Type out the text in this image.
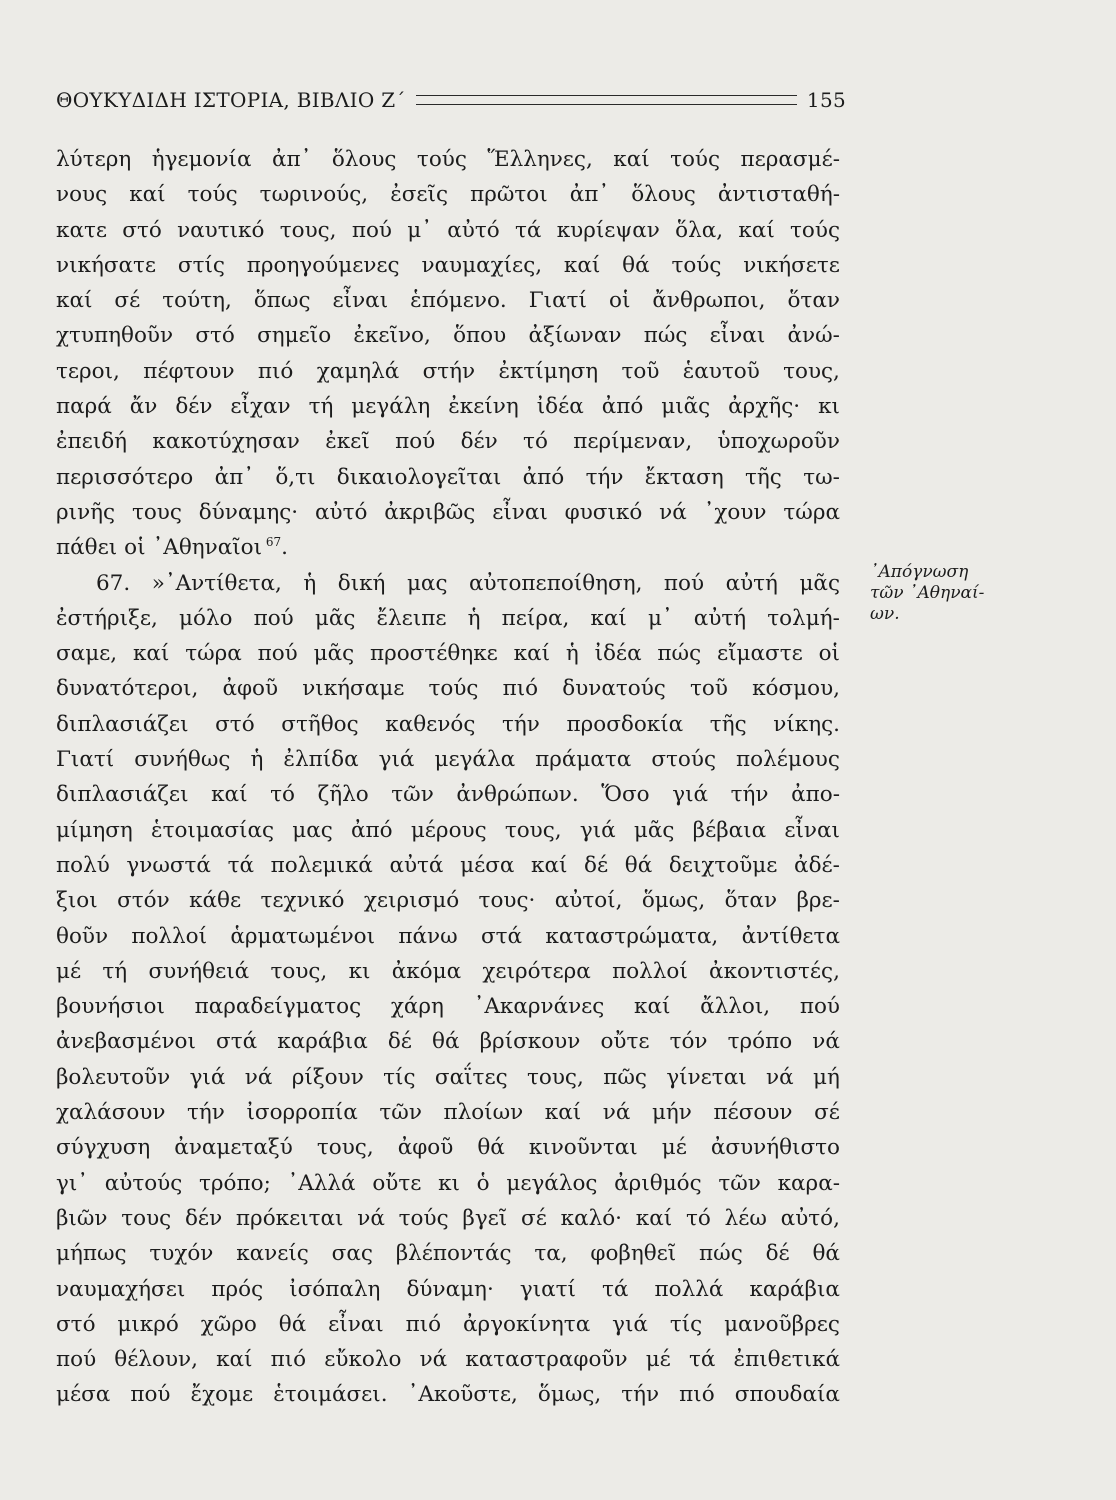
ΘΟΥΚΥΔΙΔΗ ΙΣΤΟΡΙΑ, ΒΙΒΛΙΟ Ζ΄	155
λύτερη ἡγεμονία ἀπ᾿ ὅλους τούς Ἕλληνες, καί τούς περασμέ-
νους καί τούς τωρινούς, ἐσεῖς πρῶτοι ἀπ᾿ ὅλους ἀντισταθή-
κατε στό ναυτικό τους, πού μ᾿ αὐτό τά κυρίεψαν ὅλα, καί τούς
νικήσατε στίς προηγούμενες ναυμαχίες, καί θά τούς νικήσετε
καί σέ τούτη, ὅπως εἶναι ἑπόμενο. Γιατί οἱ ἄνθρωποι, ὅταν
χτυπηθοῦν στό σημεῖο ἐκεῖνο, ὅπου ἀξίωναν πώς εἶναι ἀνώ-
τεροι, πέφτουν πιό χαμηλά στήν ἐκτίμηση τοῦ ἑαυτοῦ τους,
παρά ἄν δέν εἶχαν τή μεγάλη ἐκείνη ἰδέα ἀπό μιᾶς ἀρχῆς· κι
ἐπειδή κακοτύχησαν ἐκεῖ πού δέν τό περίμεναν, ὑποχωροῦν
περισσότερο ἀπ᾿ ὅ,τι δικαιολογεῖται ἀπό τήν ἔκταση τῆς τω-
ρινῆς τους δύναμης· αὐτό ἀκριβῶς εἶναι φυσικό νά ᾿χουν τώρα
πάθει οἱ ᾿Αθηναῖοι $^{67}$.
67. »᾿Αντίθετα, ἡ δική μας αὐτοπεποίθηση, πού αὐτή μᾶς
ἐστήριξε, μόλο πού μᾶς ἔλειπε ἡ πείρα, καί μ᾿ αὐτή τολμή-
σαμε, καί τώρα πού μᾶς προστέθηκε καί ἡ ἰδέα πώς εἴμαστε οἱ
δυνατότεροι, ἀφοῦ νικήσαμε τούς πιό δυνατούς τοῦ κόσμου,
διπλασιάζει στό στῆθος καθενός τήν προσδοκία τῆς νίκης.
Γιατί συνήθως ἡ ἐλπίδα γιά μεγάλα πράματα στούς πολέμους
διπλασιάζει καί τό ζῆλο τῶν ἀνθρώπων. Ὅσο γιά τήν ἀπο-
μίμηση ἑτοιμασίας μας ἀπό μέρους τους, γιά μᾶς βέβαια εἶναι
πολύ γνωστά τά πολεμικά αὐτά μέσα καί δέ θά δειχτοῦμε ἀδέ-
ξιοι στόν κάθε τεχνικό χειρισμό τους· αὐτοί, ὅμως, ὅταν βρε-
θοῦν πολλοί ἁρματωμένοι πάνω στά καταστρώματα, ἀντίθετα
μέ τή συνήθειά τους, κι ἀκόμα χειρότερα πολλοί ἀκοντιστές,
βουνήσιοι παραδείγματος χάρη ᾿Ακαρνάνες καί ἄλλοι, πού
ἀνεβασμένοι στά καράβια δέ θά βρίσκουν οὔτε τόν τρόπο νά
βολευτοῦν γιά νά ρίξουν τίς σαΐτες τους, πῶς γίνεται νά μή
χαλάσουν τήν ἰσορροπία τῶν πλοίων καί νά μήν πέσουν σέ
σύγχυση ἀναμεταξύ τους, ἀφοῦ θά κινοῦνται μέ ἀσυνήθιστο
γι᾿ αὐτούς τρόπο; ᾿Αλλά οὔτε κι ὁ μεγάλος ἀριθμός τῶν καρα-
βιῶν τους δέν πρόκειται νά τούς βγεῖ σέ καλό· καί τό λέω αὐτό,
μήπως τυχόν κανείς σας βλέποντάς τα, φοβηθεῖ πώς δέ θά
ναυμαχήσει πρός ἰσόπαλη δύναμη· γιατί τά πολλά καράβια
στό μικρό χῶρο θά εἶναι πιό ἀργοκίνητα γιά τίς μανοῦβρες
πού θέλουν, καί πιό εὔκολο νά καταστραφοῦν μέ τά ἐπιθετικά
μέσα πού ἔχομε ἑτοιμάσει. ᾿Ακοῦστε, ὅμως, τήν πιό σπουδαία
᾿Απόγνωση
τῶν ᾿Αθηναί-
ων.
